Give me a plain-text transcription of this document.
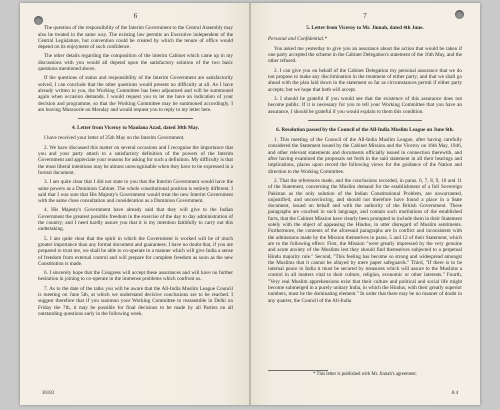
6

The question of the responsibility of the Interim Government to the Central Assembly may also be treated in the same way. The existing law permits an Executive independent of the Central Legislature, but convention could be created by which the tenure of office would depend on its enjoyment of such confidence.

The other details regarding the composition of the interim Cabinet which came up in my discussions with you would all depend upon the satisfactory solution of the two basic questions mentioned above.

If the questions of status and responsibility of the Interim Government are satisfactorily solved, I can conclude that the other questions would present no difficulty at all. As I have already written to you, the Working Committee has been adjourned and will be summoned again when occasion demands. I would request you to let me have an indication of your decision and programme, so that the Working Committee may be summoned accordingly. I am leaving Mussoorie on Monday and would request you to reply to my letter here.

4. Letter from Viceroy to Maulana Azad, dated 30th May.

I have received your letter of 25th May on the Interim Government.

2. We have discussed this matter on several occasions and I recognise the importance that you and your party attach to a satisfactory definition of the powers of the Interim Government and appreciate your reasons for asking for such a definition. My difficulty is that the most liberal intentions may be almost unrecognisable when they have to be expressed in a formal document.

3. I am quite clear that I did not state to you that the Interim Government would have the same powers as a Dominion Cabinet. The whole constitutional position is entirely different. I said that I was sure that His Majesty's Government would treat the new Interim Government with the same close consultation and consideration as a Dominion Government.

4. His Majesty's Government have already said that they will give to the Indian Government the greatest possible freedom in the exercise of the day to day administration of the country; and I need hardly assure you that it is my intention faithfully to carry out this undertaking.

5. I am quite clear that the spirit in which the Government is worked will be of much greater importance than any formal document and guarantees. I have no doubt that, if you are prepared to trust me, we shall be able to co-operate in a manner which will give India a sense of freedom from external control and will prepare for complete freedom as soon as the new Constitution is made.

6. I sincerely hope that the Congress will accept these assurances and will have no further hesitation in joining to co-operate in the immense problems which confront us.

7. As to the date of the talks you will be aware that the All-India Muslim League Council is meeting on June 5th, at which we understand decisive conclusions are to be reached. I suggest therefore that if you summon your Working Committee to reassemble in Delhi on Friday the 7th, it may be possible for final decisions to be made by all Parties on all outstanding questions early in the following week.

36183
7

5. Letter from Viceroy to Mr. Jinnah, dated 4th June.

Personal and Confidential.*

You asked me yesterday to give you an assurance about the action that would be taken if one party accepted the scheme in the Cabinet Delegation's statement of the 16th May, and the other refused.

2. I can give you on behalf of the Cabinet Delegation my personal assurance that we do not propose to make any discrimination in the treatment of either party; and that we shall go ahead with the plan laid down in the statement so far as circumstances permit if either party accepts; but we hope that both will accept.

3. I should be grateful if you would see that the existence of this assurance does not become public. If it is necessary for you to tell your Working Committee that you have an assurance, I should be grateful if you would explain to them this condition.

6. Resolution passed by the Council of the All-India Muslim League on June 6th.

1. This meeting of the Council of the All-India Muslim League, after having carefully considered the Statement issued by the Cabinet Mission and the Viceroy on 16th May, 1946, and other relevant statements and documents officially issued in connection therewith, and after having examined the proposals set forth in the said statement in all their bearings and implications, places upon record the following views for the guidance of the Nation and direction to the Working Committee.

2. That the references made, and the conclusions recorded, in paras. 6, 7, 8, 9, 10 and 11 of the Statement, concerning the Muslim demand for the establishment of a full Sovereign Pakistan as the only solution of the Indian Constitutional Problem, are unwarranted, unjustified, and unconvincing, and should not therefore have found a place in a State document, issued on behalf and with the authority of the British Government. These paragraphs are couched in such language, and contain such mutilations of the established facts, that the Cabinet Mission have clearly been prompted to include them in their Statement solely with the object of appeasing the Hindus, in utter disregard of Muslim sentiments. Furthermore, the contents of the aforesaid paragraphs are in conflict and inconsistent with the admissions made by the Mission themselves in paras. 5 and 12 of their Statement, which are to the following effect: First, the Mission "were greatly impressed by the very genuine and acute anxiety of the Muslims lest they should find themselves subjected to a perpetual Hindu majority rule." Second, "This feeling has become so strong and widespread amongst the Muslims that it cannot be allayed by mere paper safeguards." Third, "If there is to be internal peace in India it must be secured by measures which will assure to the Muslims a control in all matters vital to their culture, religion, economic or other interests." Fourth, "Very real Muslim apprehensions exist that their culture and political and social life might become submerged in a purely unitary India, in which the Hindus, with their greatly superior numbers, must be the dominating element." In order that there may be no manner of doubt in any quarter, the Council of the All-India

* This letter is published with Mr. Jinnah's agreement.
A 4
